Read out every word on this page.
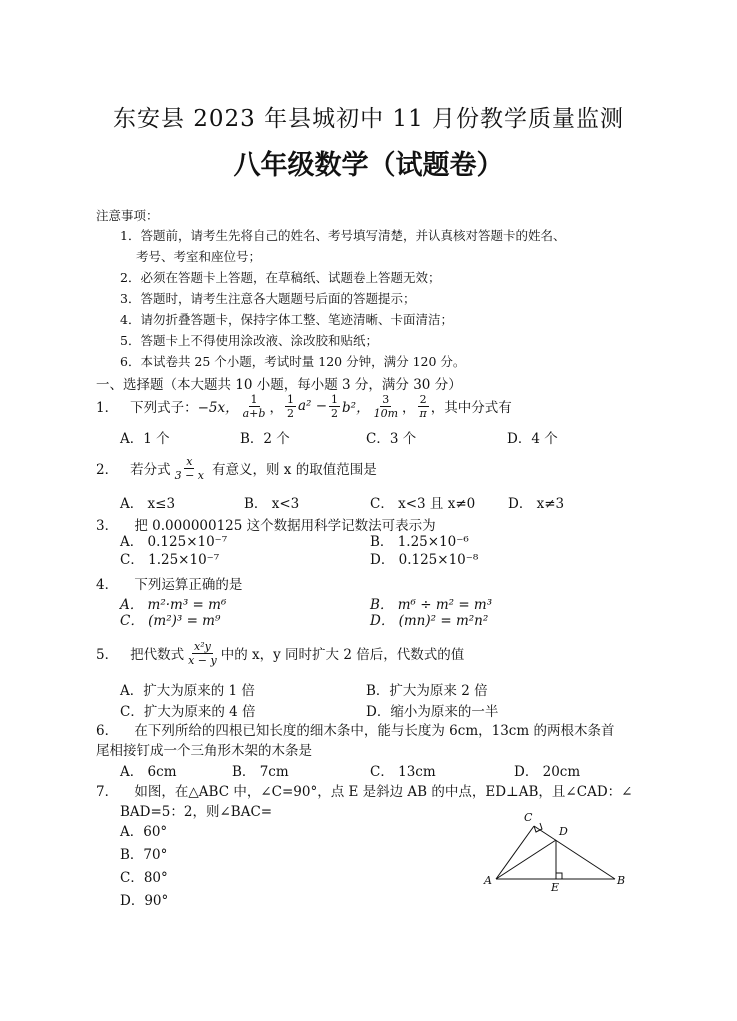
东安县 2023 年县城初中 11 月份教学质量监测
八年级数学（试题卷）
注意事项：
1．答题前，请考生先将自己的姓名、考号填写清楚，并认真核对答题卡的姓名、
考号、考室和座位号；
2．必须在答题卡上答题，在草稿纸、试题卷上答题无效；
3．答题时，请考生注意各大题题号后面的答题提示；
4．请勿折叠答题卡，保持字体工整、笔迹清晰、卡面清洁；
5．答题卡上不得使用涂改液、涂改胶和贴纸；
6．本试卷共 25 个小题，考试时量 120 分钟，满分 120 分。
一、选择题（本大题共 10 小题，每小题 3 分，满分 30 分）
1． 下列式子： −5x， $\frac{1}{a+b}$ ， $\frac{1}{2} a^2 - \frac{1}{2} b^2$， $\frac{3}{10m}$ ， $\frac{2}{\pi}$ ，其中分式有
A．1 个	B．2 个	C．3 个	D．4 个
2． 若分式 $\frac{x}{3 - x}$ 有意义，则 x 的取值范围是
A． x≤3	B． x<3	C． x<3 且 x≠0 D． x≠3
3． 把 0.000000125 这个数据用科学记数法可表示为
A． 0.125×10⁻⁷	B． 1.25×10⁻⁶
C． 1.25×10⁻⁷	D． 0.125×10⁻⁸
4． 下列运算正确的是
A． m²·m³ = m⁶	B． m⁶ ÷ m² = m³
C． (m²)³ = m⁹	D． (mn)² = m²n²
5． 把代数式 $\frac{\text{x²y}}{x - y}$ 中的 x，y 同时扩大 2 倍后，代数式的值
A．扩大为原来的 1 倍	B．扩大为原来 2 倍
C．扩大为原来的 4 倍	D．缩小为原来的一半
6． 在下列所给的四根已知长度的细木条中，能与长度为 6cm，13cm 的两根木条首
尾相接钉成一个三角形木架的木条是
A． 6cm	B． 7cm	C． 13cm	D． 20cm
7． 如图，在△ABC 中，∠C=90°，点 E 是斜边 AB 的中点，ED⊥AB，且∠CAD：∠
BAD=5：2，则∠BAC=
A．60°
B．70°
C．80°
D．90°
C
D
A
E
B
